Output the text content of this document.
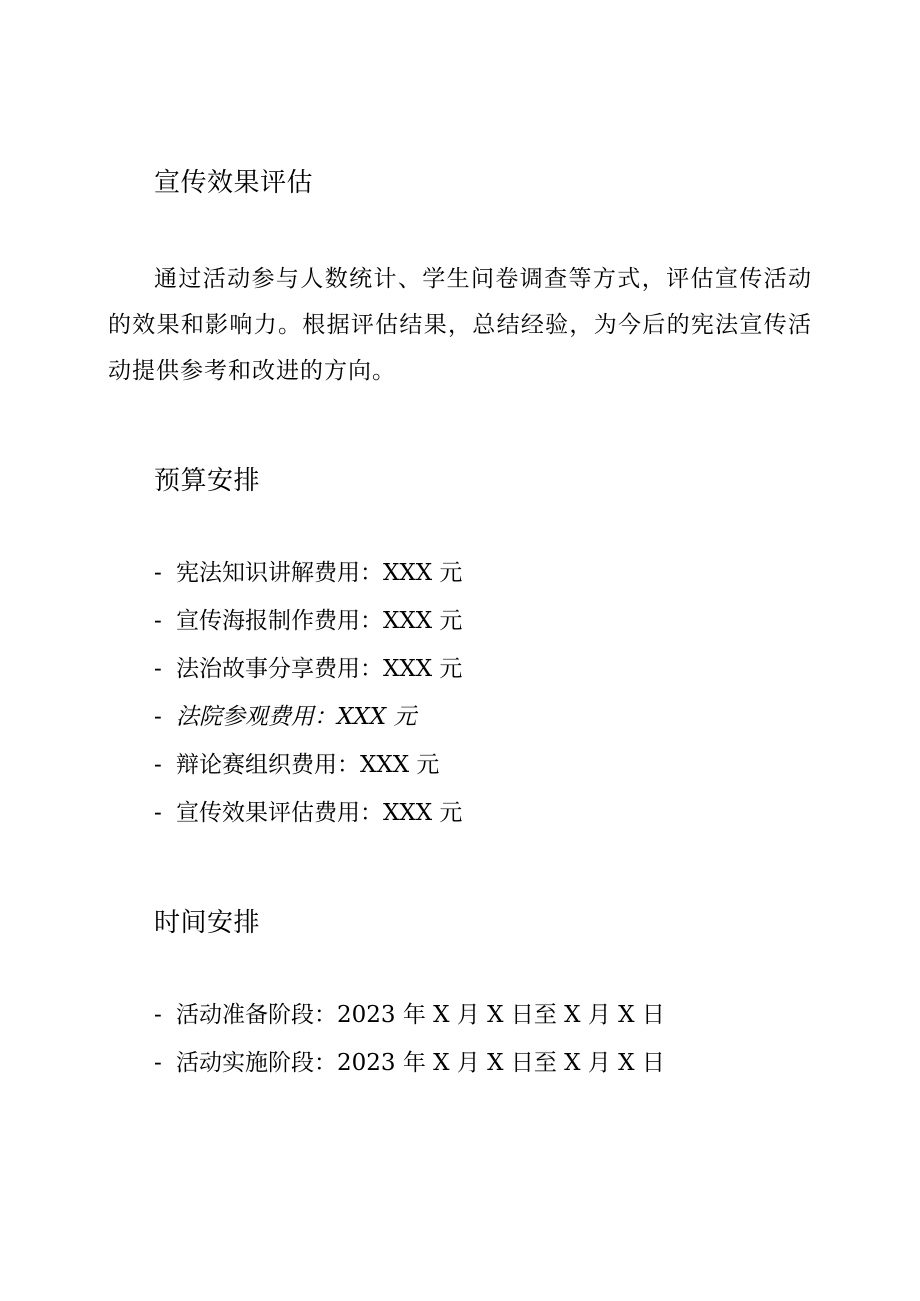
宣传效果评估

通过活动参与人数统计、学生问卷调查等方式，评估宣传活动的效果和影响力。根据评估结果，总结经验，为今后的宪法宣传活动提供参考和改进的方向。

预算安排
- 宪法知识讲解费用：XXX 元
- 宣传海报制作费用：XXX 元
- 法治故事分享费用：XXX 元
- 法院参观费用：XXX 元
- 辩论赛组织费用：XXX 元
- 宣传效果评估费用：XXX 元
时间安排
- 活动准备阶段：2023 年 X 月 X 日至 X 月 X 日
- 活动实施阶段：2023 年 X 月 X 日至 X 月 X 日
